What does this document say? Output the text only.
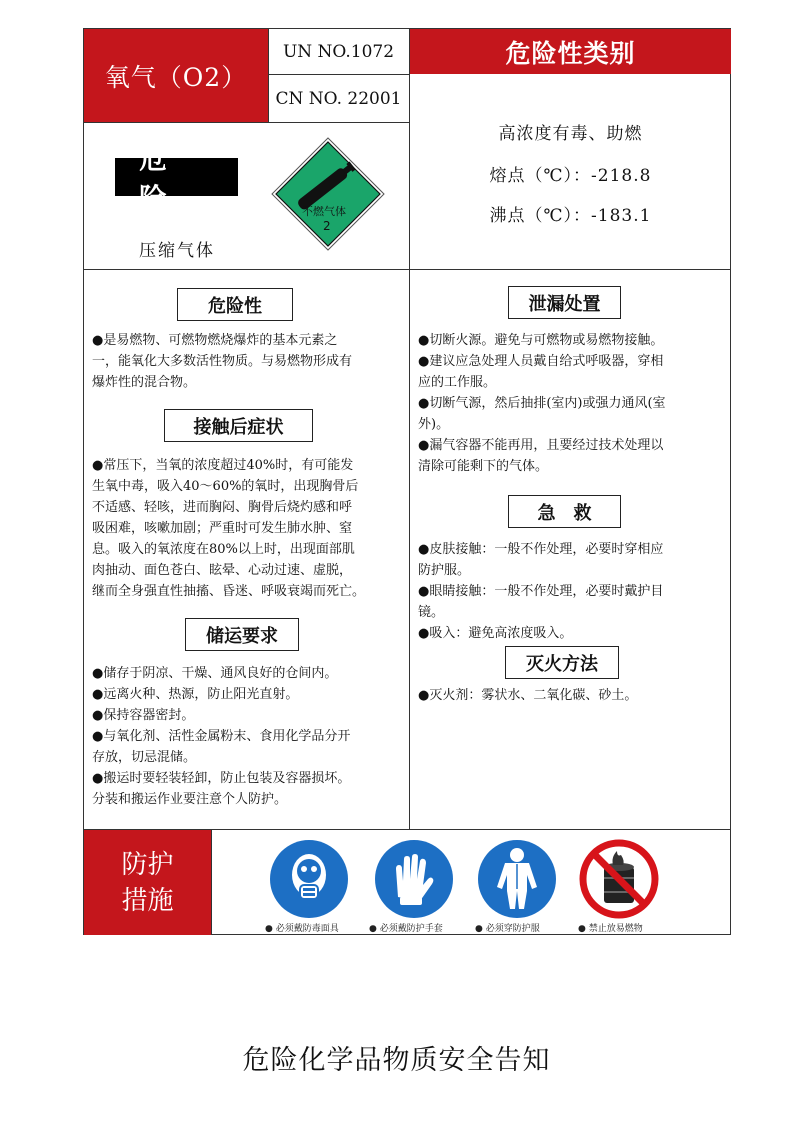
氧气（O2）
UN NO.1072
CN NO. 22001
危险性类别
高浓度有毒、助燃
熔点（℃）：-218.8
沸点（℃）：-183.1
危险
压缩气体
不燃气体
2
危险性

●是易燃物、可燃物燃烧爆炸的基本元素之

一，能氧化大多数活性物质。与易燃物形成有

爆炸性的混合物。

接触后症状

●常压下，当氧的浓度超过40%时，有可能发

生氧中毒，吸入40～60%的氧时，出现胸骨后

不适感、轻咳，进而胸闷、胸骨后烧灼感和呼

吸困难，咳嗽加剧；严重时可发生肺水肿、窒

息。吸入的氧浓度在80%以上时，出现面部肌

肉抽动、面色苍白、眩晕、心动过速、虚脱，

继而全身强直性抽搐、昏迷、呼吸衰竭而死亡。

储运要求

●储存于阴凉、干燥、通风良好的仓间内。

●远离火种、热源，防止阳光直射。

●保持容器密封。

●与氧化剂、活性金属粉末、食用化学品分开

存放，切忌混储。

●搬运时要轻装轻卸，防止包装及容器损坏。

分装和搬运作业要注意个人防护。

泄漏处置

●切断火源。避免与可燃物或易燃物接触。

●建议应急处理人员戴自给式呼吸器，穿相

应的工作服。

●切断气源，然后抽排(室内)或强力通风(室

外)。

●漏气容器不能再用，且要经过技术处理以

清除可能剩下的气体。

急　救

●皮肤接触：一般不作处理，必要时穿相应

防护服。

●眼睛接触：一般不作处理，必要时戴护目

镜。

●吸入：避免高浓度吸入。

灭火方法

●灭火剂：雾状水、二氧化碳、砂土。

防护
措施
● 必须戴防毒面具	● 必须戴防护手套	● 必须穿防护服	● 禁止放易燃物
危险化学品物质安全告知
